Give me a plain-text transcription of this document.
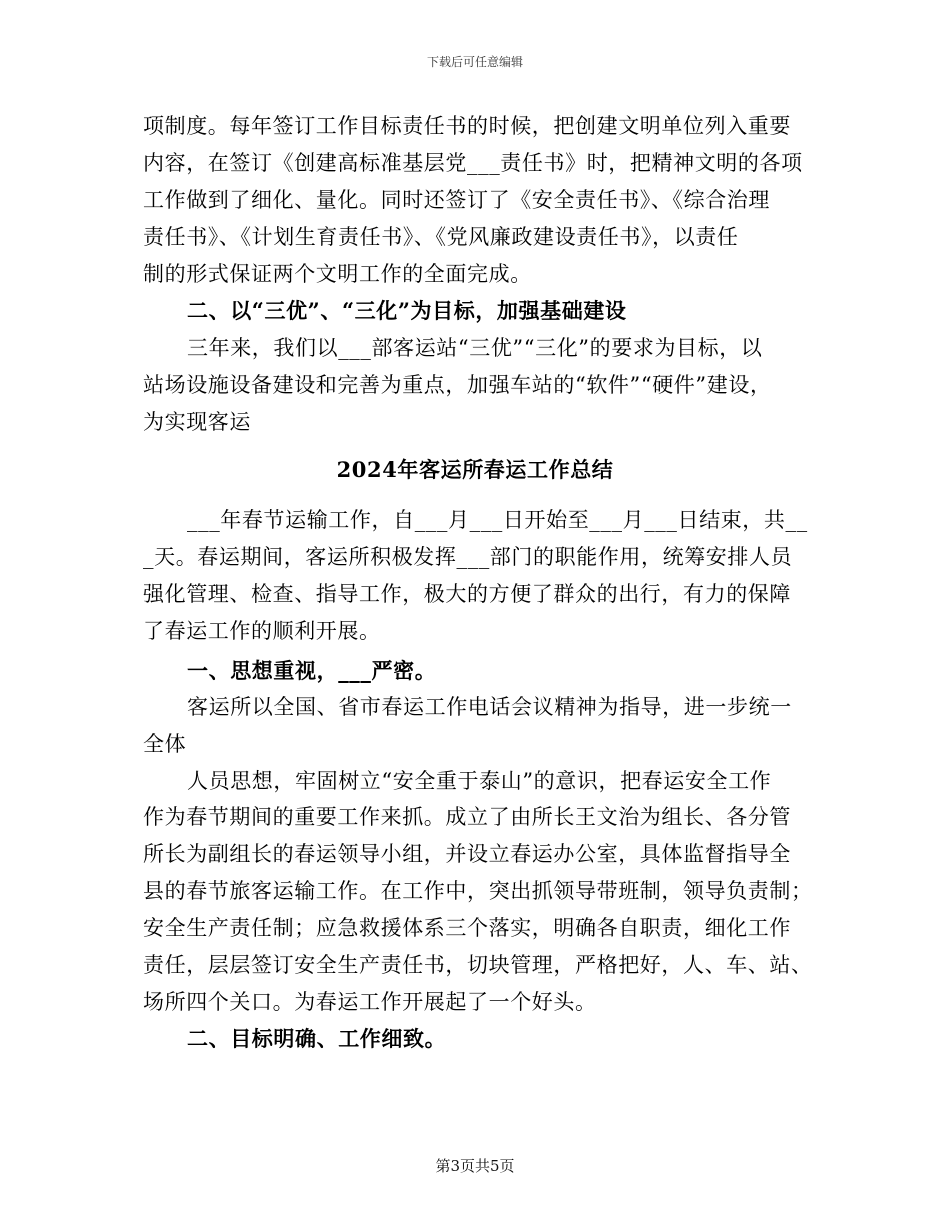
下载后可任意编辑
项制度。每年签订工作目标责任书的时候，把创建文明单位列入重要
内容，在签订《创建高标准基层党___责任书》时，把精神文明的各项
工作做到了细化、量化。同时还签订了《安全责任书》、《综合治理
责任书》、《计划生育责任书》、《党风廉政建设责任书》，以责任
制的形式保证两个文明工作的全面完成。
二、以“三优”、“三化”为目标，加强基础建设
三年来，我们以___部客运站“三优”“三化”的要求为目标，以
站场设施设备建设和完善为重点，加强车站的“软件”“硬件”建设，
为实现客运
2024年客运所春运工作总结
___年春节运输工作，自___月___日开始至___月___日结束，共__
_天。春运期间，客运所积极发挥___部门的职能作用，统筹安排人员
强化管理、检查、指导工作，极大的方便了群众的出行，有力的保障
了春运工作的顺利开展。
一、思想重视，___严密。
客运所以全国、省市春运工作电话会议精神为指导，进一步统一
全体
人员思想，牢固树立“安全重于泰山”的意识，把春运安全工作
作为春节期间的重要工作来抓。成立了由所长王文治为组长、各分管
所长为副组长的春运领导小组，并设立春运办公室，具体监督指导全
县的春节旅客运输工作。在工作中，突出抓领导带班制，领导负责制；
安全生产责任制；应急救援体系三个落实，明确各自职责，细化工作
责任，层层签订安全生产责任书，切块管理，严格把好，人、车、站、
场所四个关口。为春运工作开展起了一个好头。
二、目标明确、工作细致。
第3页共5页
